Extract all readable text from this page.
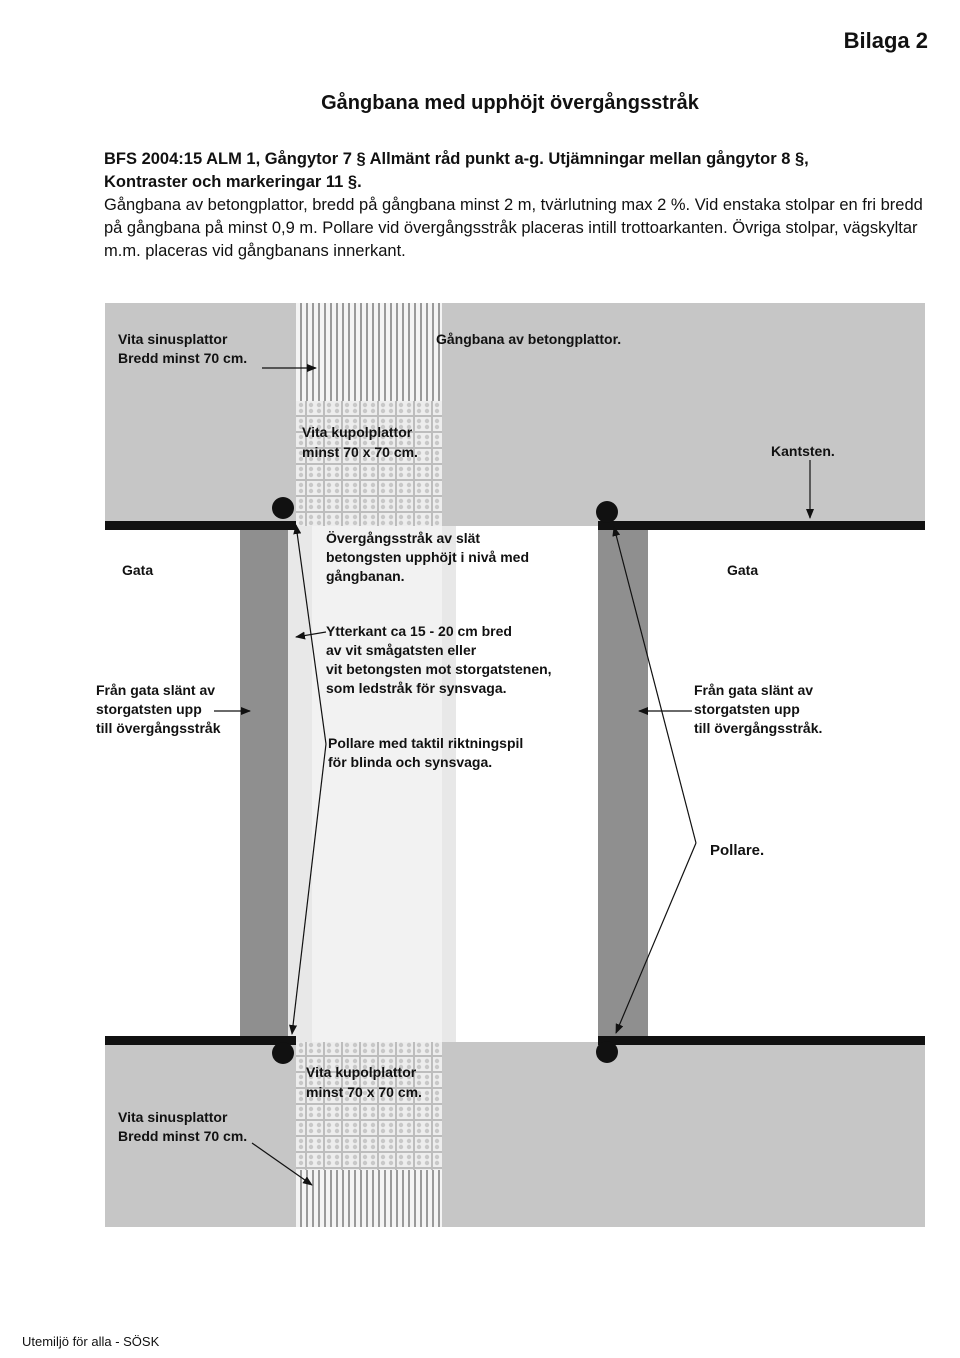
Bilaga 2
Gångbana med upphöjt övergångsstråk
BFS 2004:15 ALM 1, Gångytor 7 § Allmänt råd punkt a-g. Utjämningar mellan gångytor 8 §,
Kontraster och markeringar 11 §.
Gångbana av betongplattor, bredd på gångbana minst 2 m, tvärlutning max 2 %. Vid enstaka stolpar en fri bredd på gångbana på minst 0,9 m. Pollare vid övergångsstråk placeras intill trottoarkanten. Övriga stolpar, vägskyltar m.m. placeras vid gångbanans innerkant.
Vita sinusplattor
Bredd minst 70 cm.
Gångbana av betongplattor.
Vita kupolplattor
minst 70 x 70 cm.	Kantsten.
Gata	Gata
Övergångsstråk av slät
betongsten upphöjt i nivå med
gångbanan.
Ytterkant ca 15 - 20 cm bred
av vit smågatsten eller
vit betongsten mot storgatstenen,
som ledstråk för synsvaga.
Från gata slänt av
storgatsten upp
till övergångsstråk
Från gata slänt av
storgatsten upp
till övergångsstråk.
Pollare med taktil riktningspil
för blinda och synsvaga.
Pollare.
Vita kupolplattor
minst 70 x 70 cm.
Vita sinusplattor
Bredd minst 70 cm.
Utemiljö för alla - SÖSK
